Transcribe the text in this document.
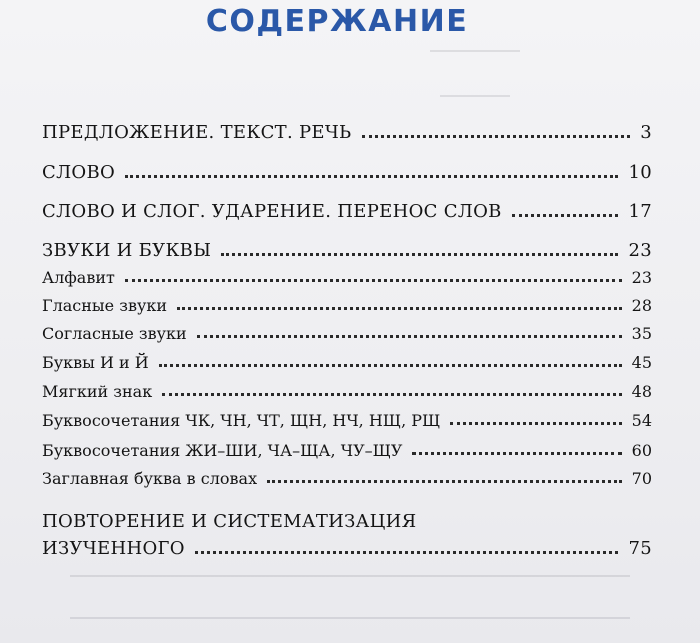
СОДЕРЖАНИЕ
ПРЕДЛОЖЕНИЕ. ТЕКСТ. РЕЧЬ	3
СЛОВО	10
СЛОВО И СЛОГ. УДАРЕНИЕ. ПЕРЕНОС СЛОВ	17
ЗВУКИ И БУКВЫ	23
Алфавит	23
Гласные звуки	28
Согласные звуки	35
Буквы И и Й	45
Мягкий знак	48
Буквосочетания ЧК, ЧН, ЧТ, ЩН, НЧ, НЩ, РЩ	54
Буквосочетания ЖИ–ШИ, ЧА–ЩА, ЧУ–ЩУ	60
Заглавная буква в словах	70
ПОВТОРЕНИЕ И СИСТЕМАТИЗАЦИЯ
ИЗУЧЕННОГО	75
